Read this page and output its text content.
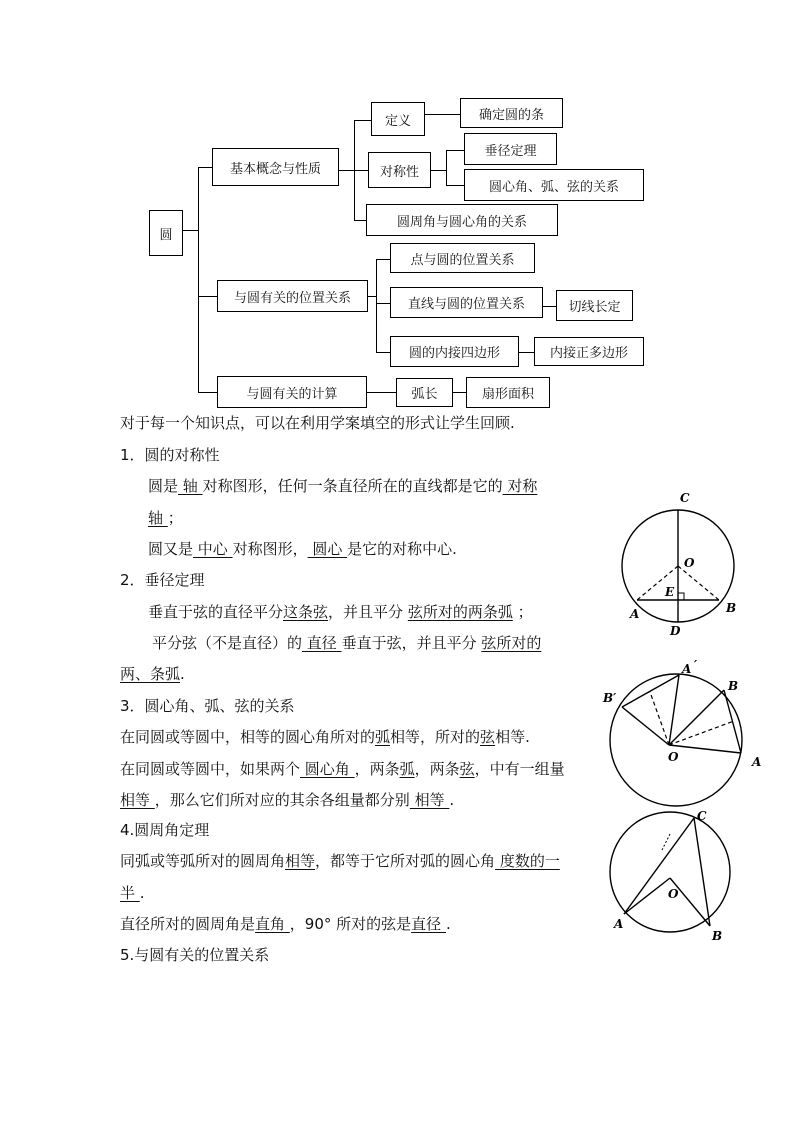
圆
基本概念与性质
定义	确定圆的条
对称性
垂径定理
圆心角、弧、弦的关系
圆周角与圆心角的关系
与圆有关的位置关系
点与圆的位置关系
直线与圆的位置关系	切线长定
圆的内接四边形	内接正多边形
与圆有关的计算	弧长	扇形面积
对于每一个知识点，可以在利用学案填空的形式让学生回顾.
1．圆的对称性
圆是 轴 对称图形，任何一条直径所在的直线都是它的 对称
轴 ；
圆又是 中心 对称图形， 圆心 是它的对称中心.
2．垂径定理
垂直于弦的直径平分这条弦，并且平分 弦所对的两条弧 ；
平分弦（不是直径）的 直径 垂直于弦，并且平分 弦所对的
两、条弧.
3．圆心角、弧、弦的关系
在同圆或等圆中，相等的圆心角所对的弧相等，所对的弦相等.
在同圆或等圆中，如果两个 圆心角 ，两条弧，两条弦，中有一组量
相等 ，那么它们所对应的其余各组量都分别 相等 .
4.圆周角定理
同弧或等弧所对的圆周角相等，都等于它所对弧的圆心角 度数的一
半 .
直径所对的圆周角是直角 ，90° 所对的弦是直径 .
5.与圆有关的位置关系
C
O
E
A	B
D
A ′
B
B′
O	A
C
O
A
B
